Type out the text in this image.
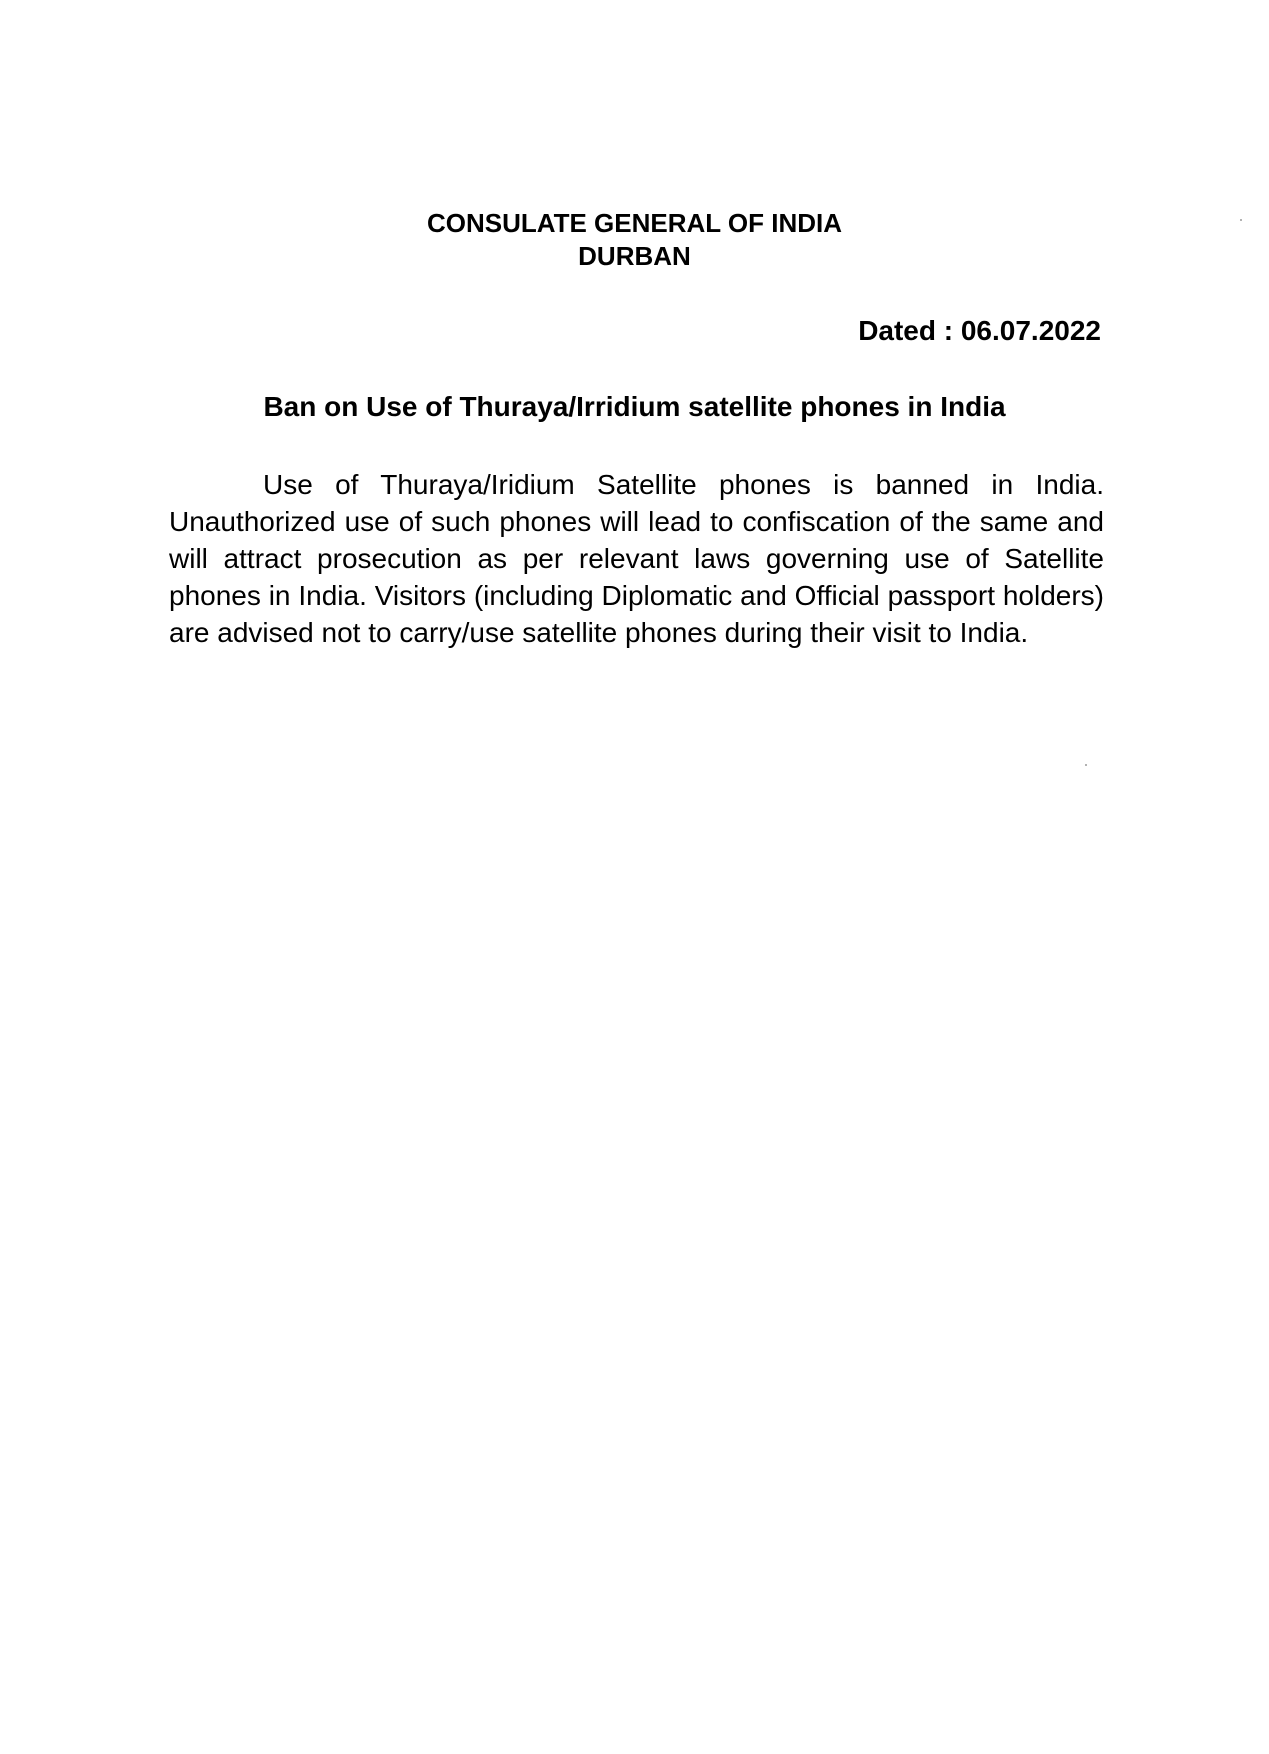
CONSULATE GENERAL OF INDIA

DURBAN

Dated : 06.07.2022

Ban on Use of Thuraya/Irridium satellite phones in India

Use of Thuraya/Iridium Satellite phones is banned in India. Unauthorized use of such phones will lead to confiscation of the same and will attract prosecution as per relevant laws governing use of Satellite phones in India. Visitors (including Diplomatic and Official passport holders) are advised not to carry/use satellite phones during their visit to India.
